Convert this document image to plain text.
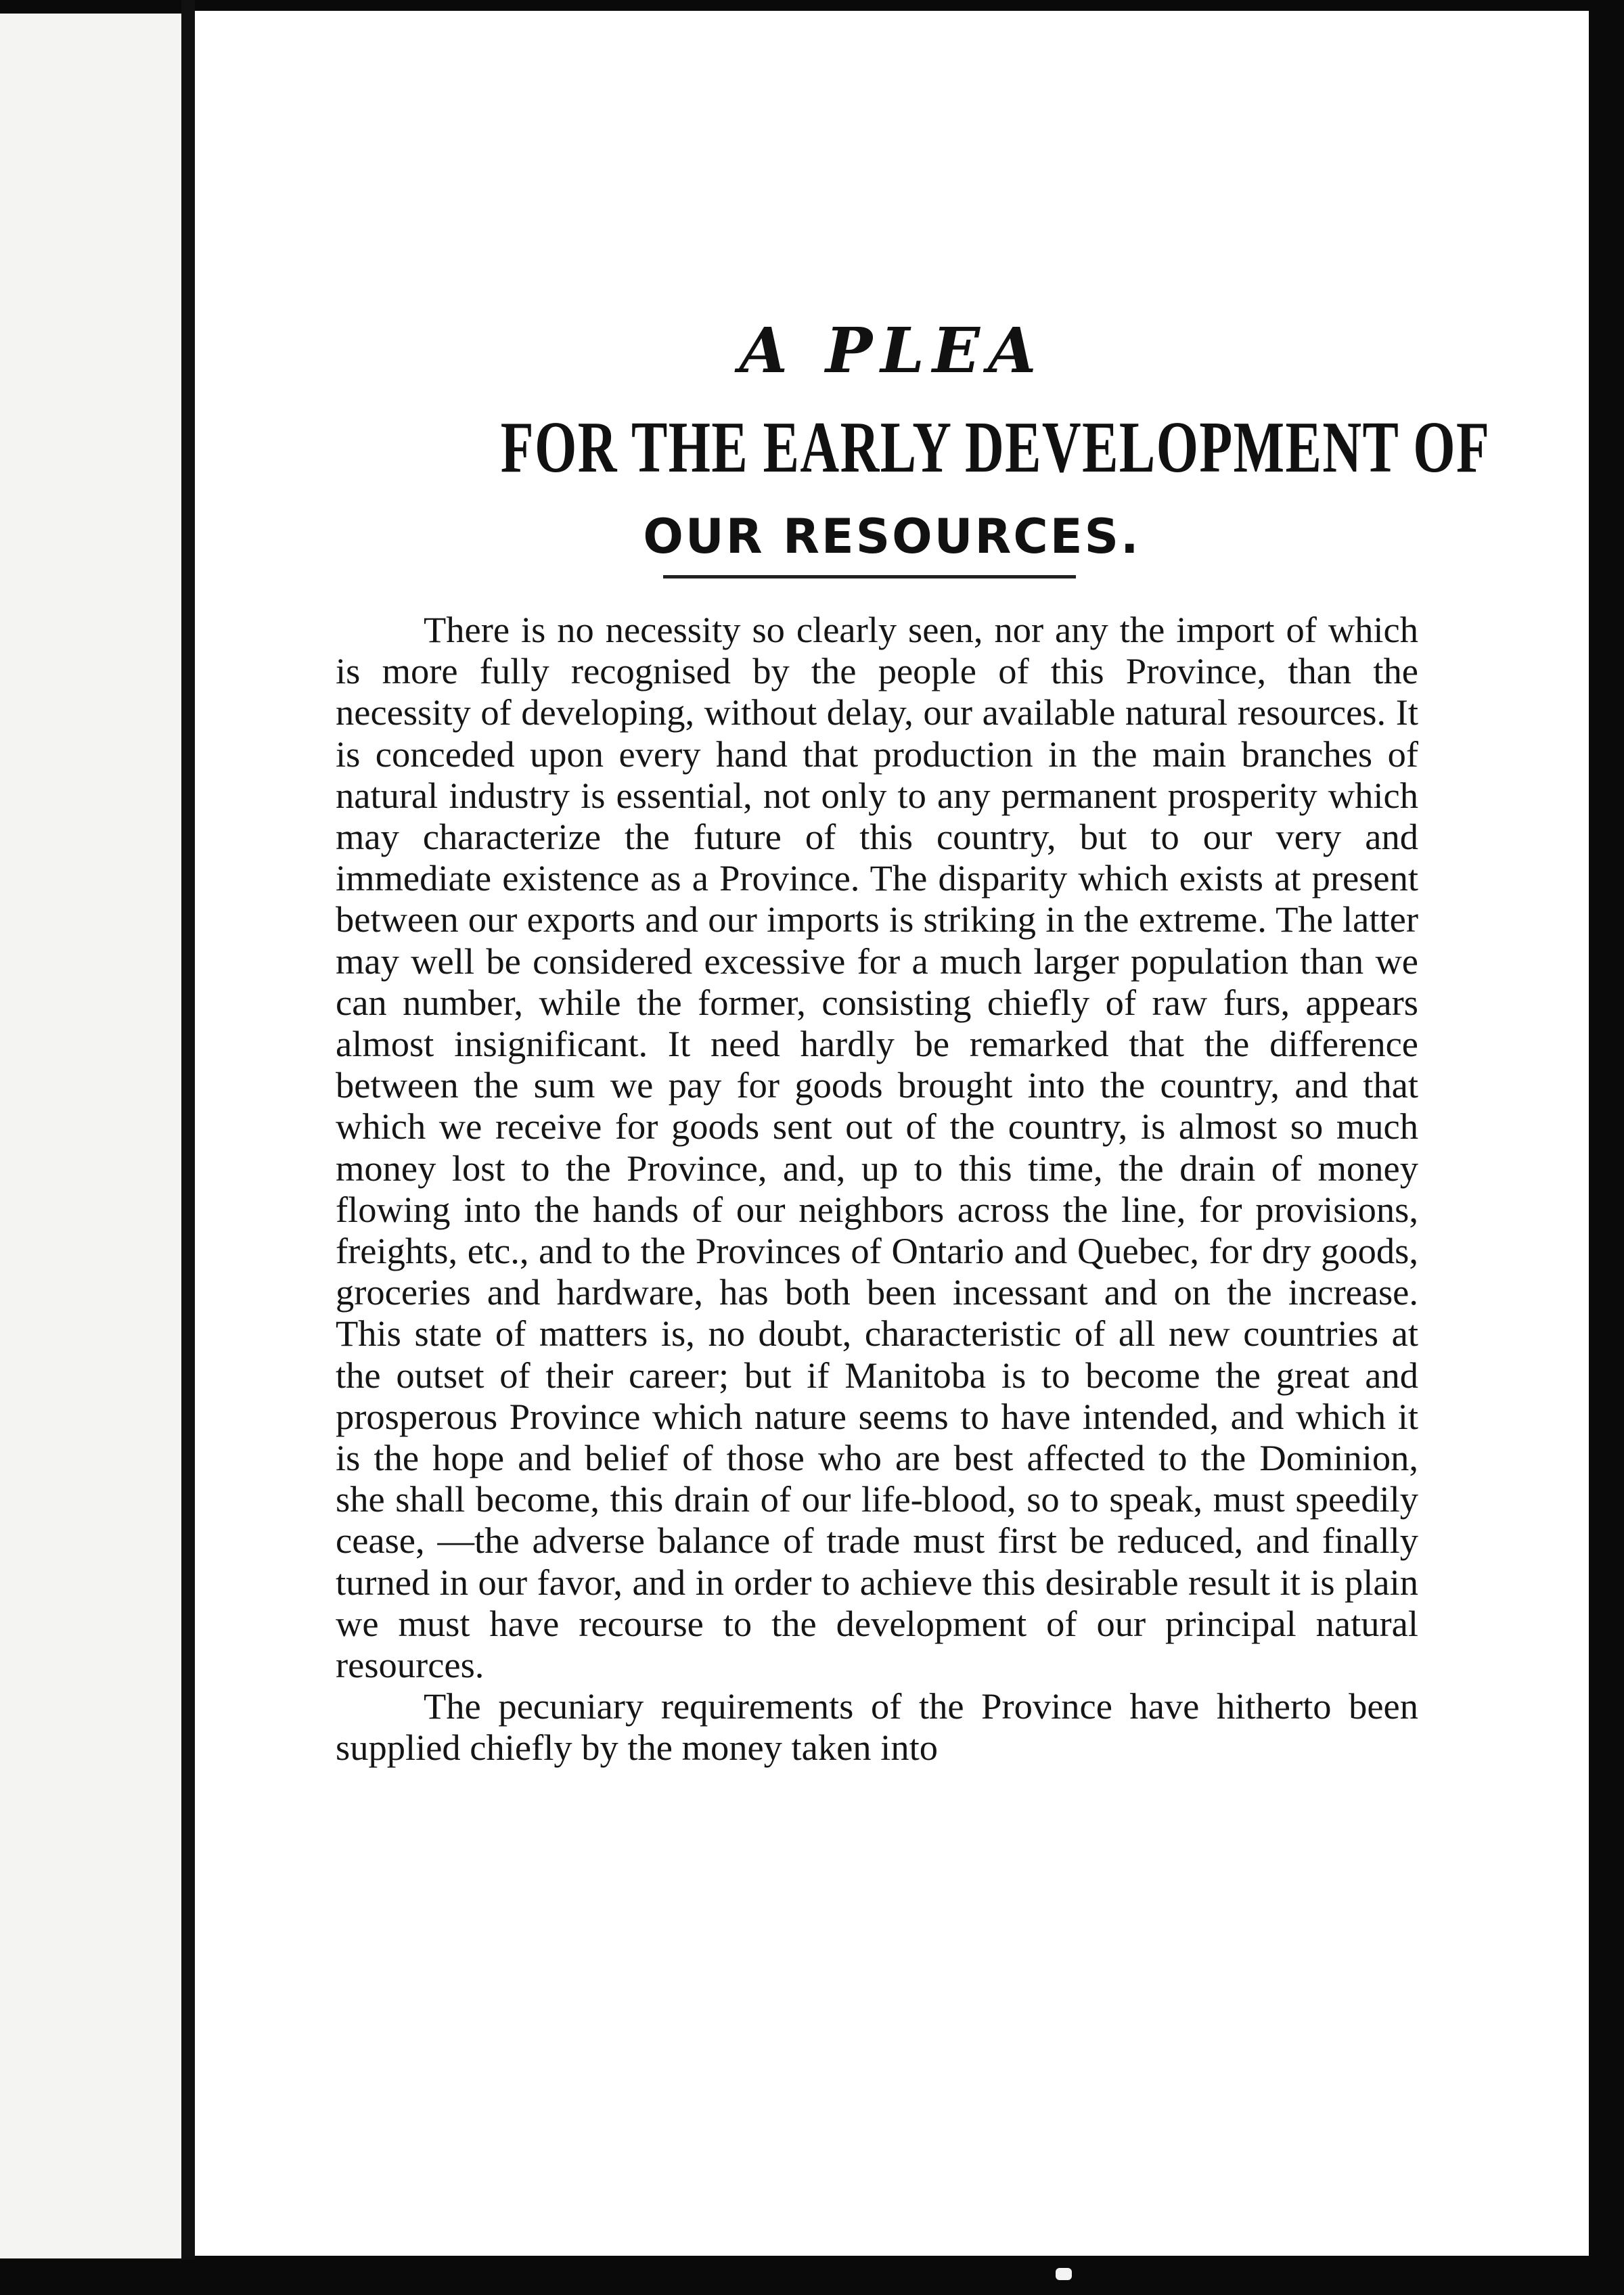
A PLEA
FOR THE EARLY DEVELOPMENT OF
OUR RESOURCES.

There is no necessity so clearly seen, nor any the import of which is more fully recognised by the people of this Province, than the necessity of developing, without delay, our available natural resources. It is conceded upon every hand that production in the main branches of natural industry is essential, not only to any permanent prosperity which may characterize the future of this country, but to our very and immediate existence as a Province. The disparity which exists at present between our exports and our imports is striking in the extreme. The latter may well be considered excessive for a much larger population than we can number, while the former, consisting chiefly of raw furs, appears almost insignificant. It need hardly be remarked that the difference between the sum we pay for goods brought into the country, and that which we receive for goods sent out of the country, is almost so much money lost to the Province, and, up to this time, the drain of money flowing into the hands of our neighbors across the line, for provisions, freights, etc., and to the Provinces of Ontario and Quebec, for dry goods, groceries and hardware, has both been incessant and on the increase. This state of matters is, no doubt, characteristic of all new countries at the outset of their career; but if Manitoba is to become the great and prosperous Province which nature seems to have intended, and which it is the hope and belief of those who are best affected to the Dominion, she shall become, this drain of our life-blood, so to speak, must speedily cease, —the adverse balance of trade must first be reduced, and finally turned in our favor, and in order to achieve this desirable result it is plain we must have recourse to the development of our principal natural resources.

The pecuniary requirements of the Province have hitherto been supplied chiefly by the money taken into
